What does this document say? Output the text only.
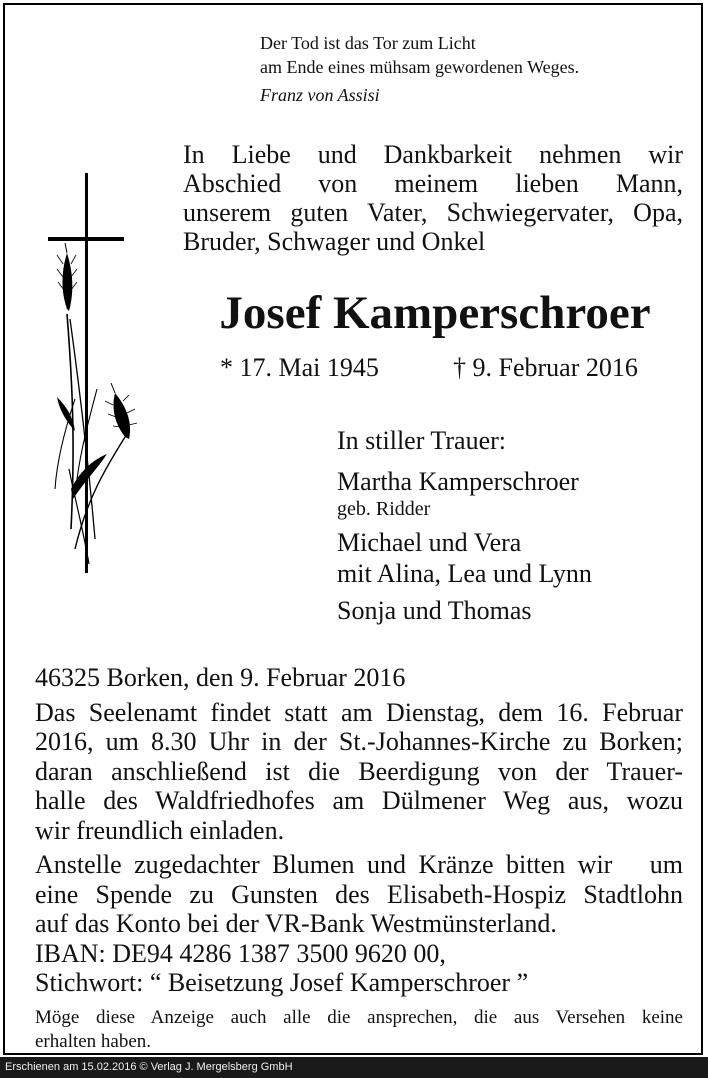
Der Tod ist das Tor zum Licht
am Ende eines mühsam gewordenen Weges.
Franz von Assisi
In Liebe und Dankbarkeit nehmen wir
Abschied von meinem lieben Mann,
unserem guten Vater, Schwiegervater, Opa,
Bruder, Schwager und Onkel
Josef Kamperschroer
* 17. Mai 1945	† 9. Februar 2016
In stiller Trauer:
Martha Kamperschroer
geb. Ridder
Michael und Vera
mit Alina, Lea und Lynn
Sonja und Thomas
46325 Borken, den 9. Februar 2016
Das Seelenamt findet statt am Dienstag, dem 16. Februar
2016, um 8.30 Uhr in der St.-Johannes-Kirche zu Borken;
daran anschließend ist die Beerdigung von der Trauer-
halle des Waldfriedhofes am Dülmener Weg aus, wozu
wir freundlich einladen.
Anstelle zugedachter Blumen und Kränze bitten wir   um
eine Spende zu Gunsten des Elisabeth-Hospiz Stadtlohn
auf das Konto bei der VR-Bank Westmünsterland.
IBAN: DE94 4286 1387 3500 9620 00,
Stichwort: “ Beisetzung Josef Kamperschroer ”
Möge diese Anzeige auch alle die ansprechen, die aus Versehen keine
erhalten haben.
Erschienen am 15.02.2016 © Verlag J. Mergelsberg GmbH
